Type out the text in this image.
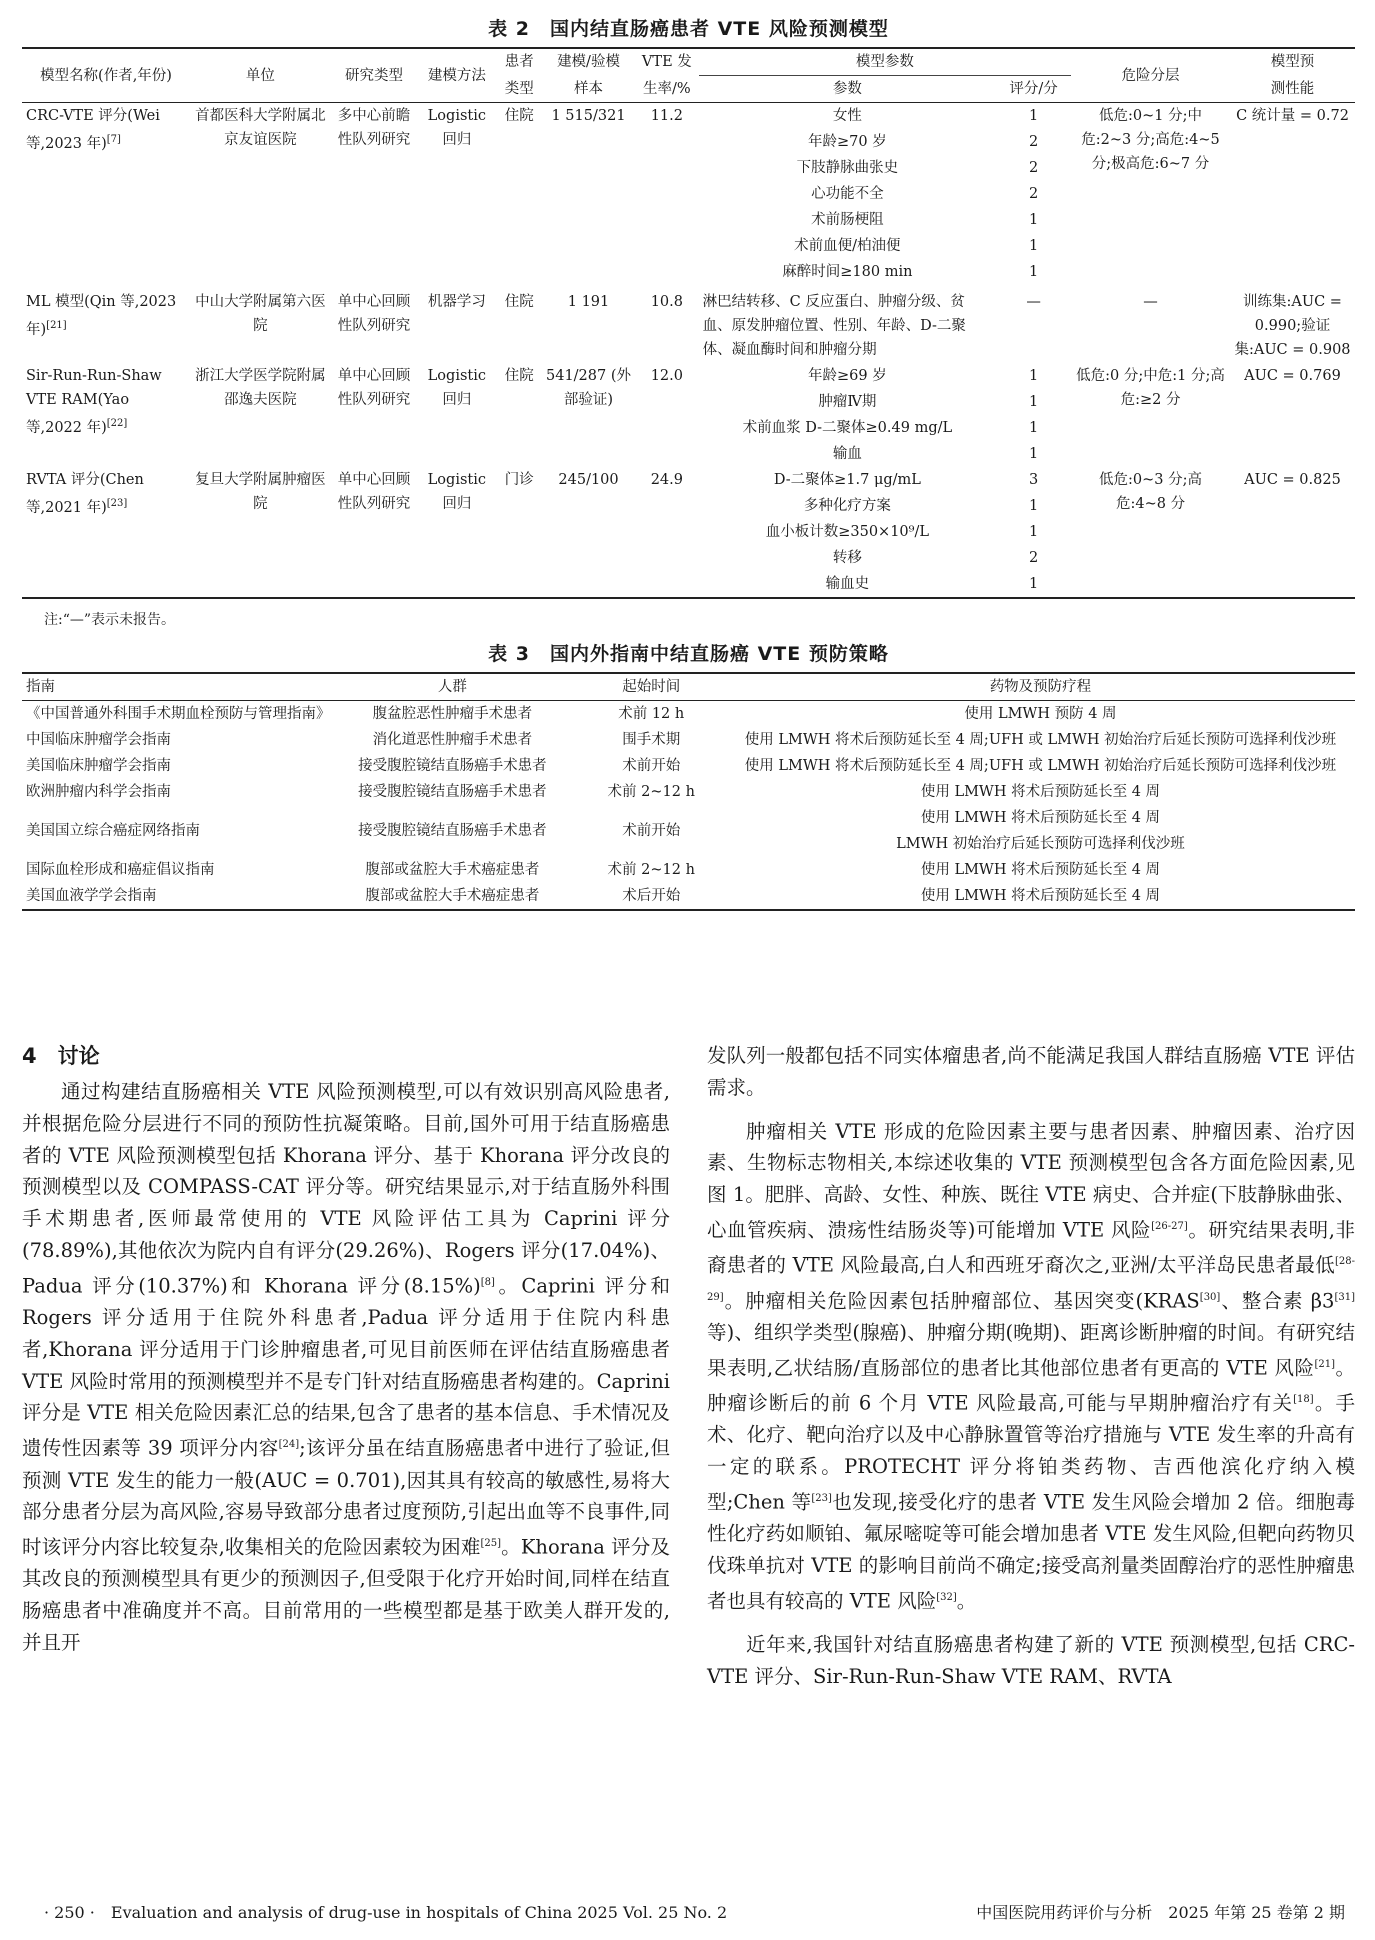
表 2　国内结直肠癌患者 VTE 风险预测模型
模型名称(作者,年份)	单位	研究类型	建模方法	患者	建模/验模	VTE 发	模型参数		危险分层	模型预
				类型	样本	生率/%	参数	评分/分		测性能
CRC-VTE 评分(Wei 等,2023 年)[7]	首都医科大学附属北京友谊医院	多中心前瞻性队列研究	Logistic 回归	住院	1 515/321	11.2	女性	1	低危:0~1 分;中危:2~3 分;高危:4~5 分;极高危:6~7 分	C 统计量 = 0.72
							年龄≥70 岁	2		
							下肢静脉曲张史	2		
							心功能不全	2		
							术前肠梗阻	1		
							术前血便/柏油便	1		
							麻醉时间≥180 min	1		

ML 模型(Qin 等,2023 年)[21]	中山大学附属第六医院	单中心回顾性队列研究	机器学习	住院	1 191	10.8	淋巴结转移、C 反应蛋白、肿瘤分级、贫血、原发肿瘤位置、性别、年龄、D-二聚体、凝血酶时间和肿瘤分期	—	—	训练集:AUC = 0.990;验证集:AUC = 0.908
Sir-Run-Run-Shaw VTE RAM(Yao 等,2022 年)[22]	浙江大学医学院附属邵逸夫医院	单中心回顾性队列研究	Logistic 回归	住院	541/287 (外部验证)	12.0	年龄≥69 岁	1	低危:0 分;中危:1 分;高危:≥2 分	AUC = 0.769
							肿瘤Ⅳ期	1		
							术前血浆 D-二聚体≥0.49 mg/L	1		
							输血	1		
RVTA 评分(Chen 等,2021 年)[23]	复旦大学附属肿瘤医院	单中心回顾性队列研究	Logistic 回归	门诊	245/100	24.9	D-二聚体≥1.7 μg/mL	3	低危:0~3 分;高危:4~8 分	AUC = 0.825
							多种化疗方案	1		
							血小板计数≥350×10⁹/L	1		
							转移	2		
							输血史	1		
注:“—”表示未报告。
表 3　国内外指南中结直肠癌 VTE 预防策略
指南	人群	起始时间	药物及预防疗程
《中国普通外科围手术期血栓预防与管理指南》	腹盆腔恶性肿瘤手术患者	术前 12 h	使用 LMWH 预防 4 周
中国临床肿瘤学会指南	消化道恶性肿瘤手术患者	围手术期	使用 LMWH 将术后预防延长至 4 周;UFH 或 LMWH 初始治疗后延长预防可选择利伐沙班
美国临床肿瘤学会指南	接受腹腔镜结直肠癌手术患者	术前开始	使用 LMWH 将术后预防延长至 4 周;UFH 或 LMWH 初始治疗后延长预防可选择利伐沙班
欧洲肿瘤内科学会指南	接受腹腔镜结直肠癌手术患者	术前 2~12 h	使用 LMWH 将术后预防延长至 4 周
美国国立综合癌症网络指南	接受腹腔镜结直肠癌手术患者	术前开始	使用 LMWH 将术后预防延长至 4 周
LMWH 初始治疗后延长预防可选择利伐沙班

国际血栓形成和癌症倡议指南	腹部或盆腔大手术癌症患者	术前 2~12 h	使用 LMWH 将术后预防延长至 4 周
美国血液学学会指南	腹部或盆腔大手术癌症患者	术后开始	使用 LMWH 将术后预防延长至 4 周
4　讨论

通过构建结直肠癌相关 VTE 风险预测模型,可以有效识别高风险患者,并根据危险分层进行不同的预防性抗凝策略。目前,国外可用于结直肠癌患者的 VTE 风险预测模型包括 Khorana 评分、基于 Khorana 评分改良的预测模型以及 COMPASS-CAT 评分等。研究结果显示,对于结直肠外科围手术期患者,医师最常使用的 VTE 风险评估工具为 Caprini 评分(78.89%),其他依次为院内自有评分(29.26%)、Rogers 评分(17.04%)、Padua 评分(10.37%)和 Khorana 评分(8.15%)[8]。Caprini 评分和 Rogers 评分适用于住院外科患者,Padua 评分适用于住院内科患者,Khorana 评分适用于门诊肿瘤患者,可见目前医师在评估结直肠癌患者 VTE 风险时常用的预测模型并不是专门针对结直肠癌患者构建的。Caprini 评分是 VTE 相关危险因素汇总的结果,包含了患者的基本信息、手术情况及遗传性因素等 39 项评分内容[24];该评分虽在结直肠癌患者中进行了验证,但预测 VTE 发生的能力一般(AUC = 0.701),因其具有较高的敏感性,易将大部分患者分层为高风险,容易导致部分患者过度预防,引起出血等不良事件,同时该评分内容比较复杂,收集相关的危险因素较为困难[25]。Khorana 评分及其改良的预测模型具有更少的预测因子,但受限于化疗开始时间,同样在结直肠癌患者中准确度并不高。目前常用的一些模型都是基于欧美人群开发的,并且开

发队列一般都包括不同实体瘤患者,尚不能满足我国人群结直肠癌 VTE 评估需求。

肿瘤相关 VTE 形成的危险因素主要与患者因素、肿瘤因素、治疗因素、生物标志物相关,本综述收集的 VTE 预测模型包含各方面危险因素,见图 1。肥胖、高龄、女性、种族、既往 VTE 病史、合并症(下肢静脉曲张、心血管疾病、溃疡性结肠炎等)可能增加 VTE 风险[26-27]。研究结果表明,非裔患者的 VTE 风险最高,白人和西班牙裔次之,亚洲/太平洋岛民患者最低[28-29]。肿瘤相关危险因素包括肿瘤部位、基因突变(KRAS[30]、整合素 β3[31]等)、组织学类型(腺癌)、肿瘤分期(晚期)、距离诊断肿瘤的时间。有研究结果表明,乙状结肠/直肠部位的患者比其他部位患者有更高的 VTE 风险[21]。肿瘤诊断后的前 6 个月 VTE 风险最高,可能与早期肿瘤治疗有关[18]。手术、化疗、靶向治疗以及中心静脉置管等治疗措施与 VTE 发生率的升高有一定的联系。PROTECHT 评分将铂类药物、吉西他滨化疗纳入模型;Chen 等[23]也发现,接受化疗的患者 VTE 发生风险会增加 2 倍。细胞毒性化疗药如顺铂、氟尿嘧啶等可能会增加患者 VTE 发生风险,但靶向药物贝伐珠单抗对 VTE 的影响目前尚不确定;接受高剂量类固醇治疗的恶性肿瘤患者也具有较高的 VTE 风险[32]。

近年来,我国针对结直肠癌患者构建了新的 VTE 预测模型,包括 CRC-VTE 评分、Sir-Run-Run-Shaw VTE RAM、RVTA

· 250 ·　Evaluation and analysis of drug-use in hospitals of China 2025 Vol. 25 No. 2	中国医院用药评价与分析　2025 年第 25 卷第 2 期
